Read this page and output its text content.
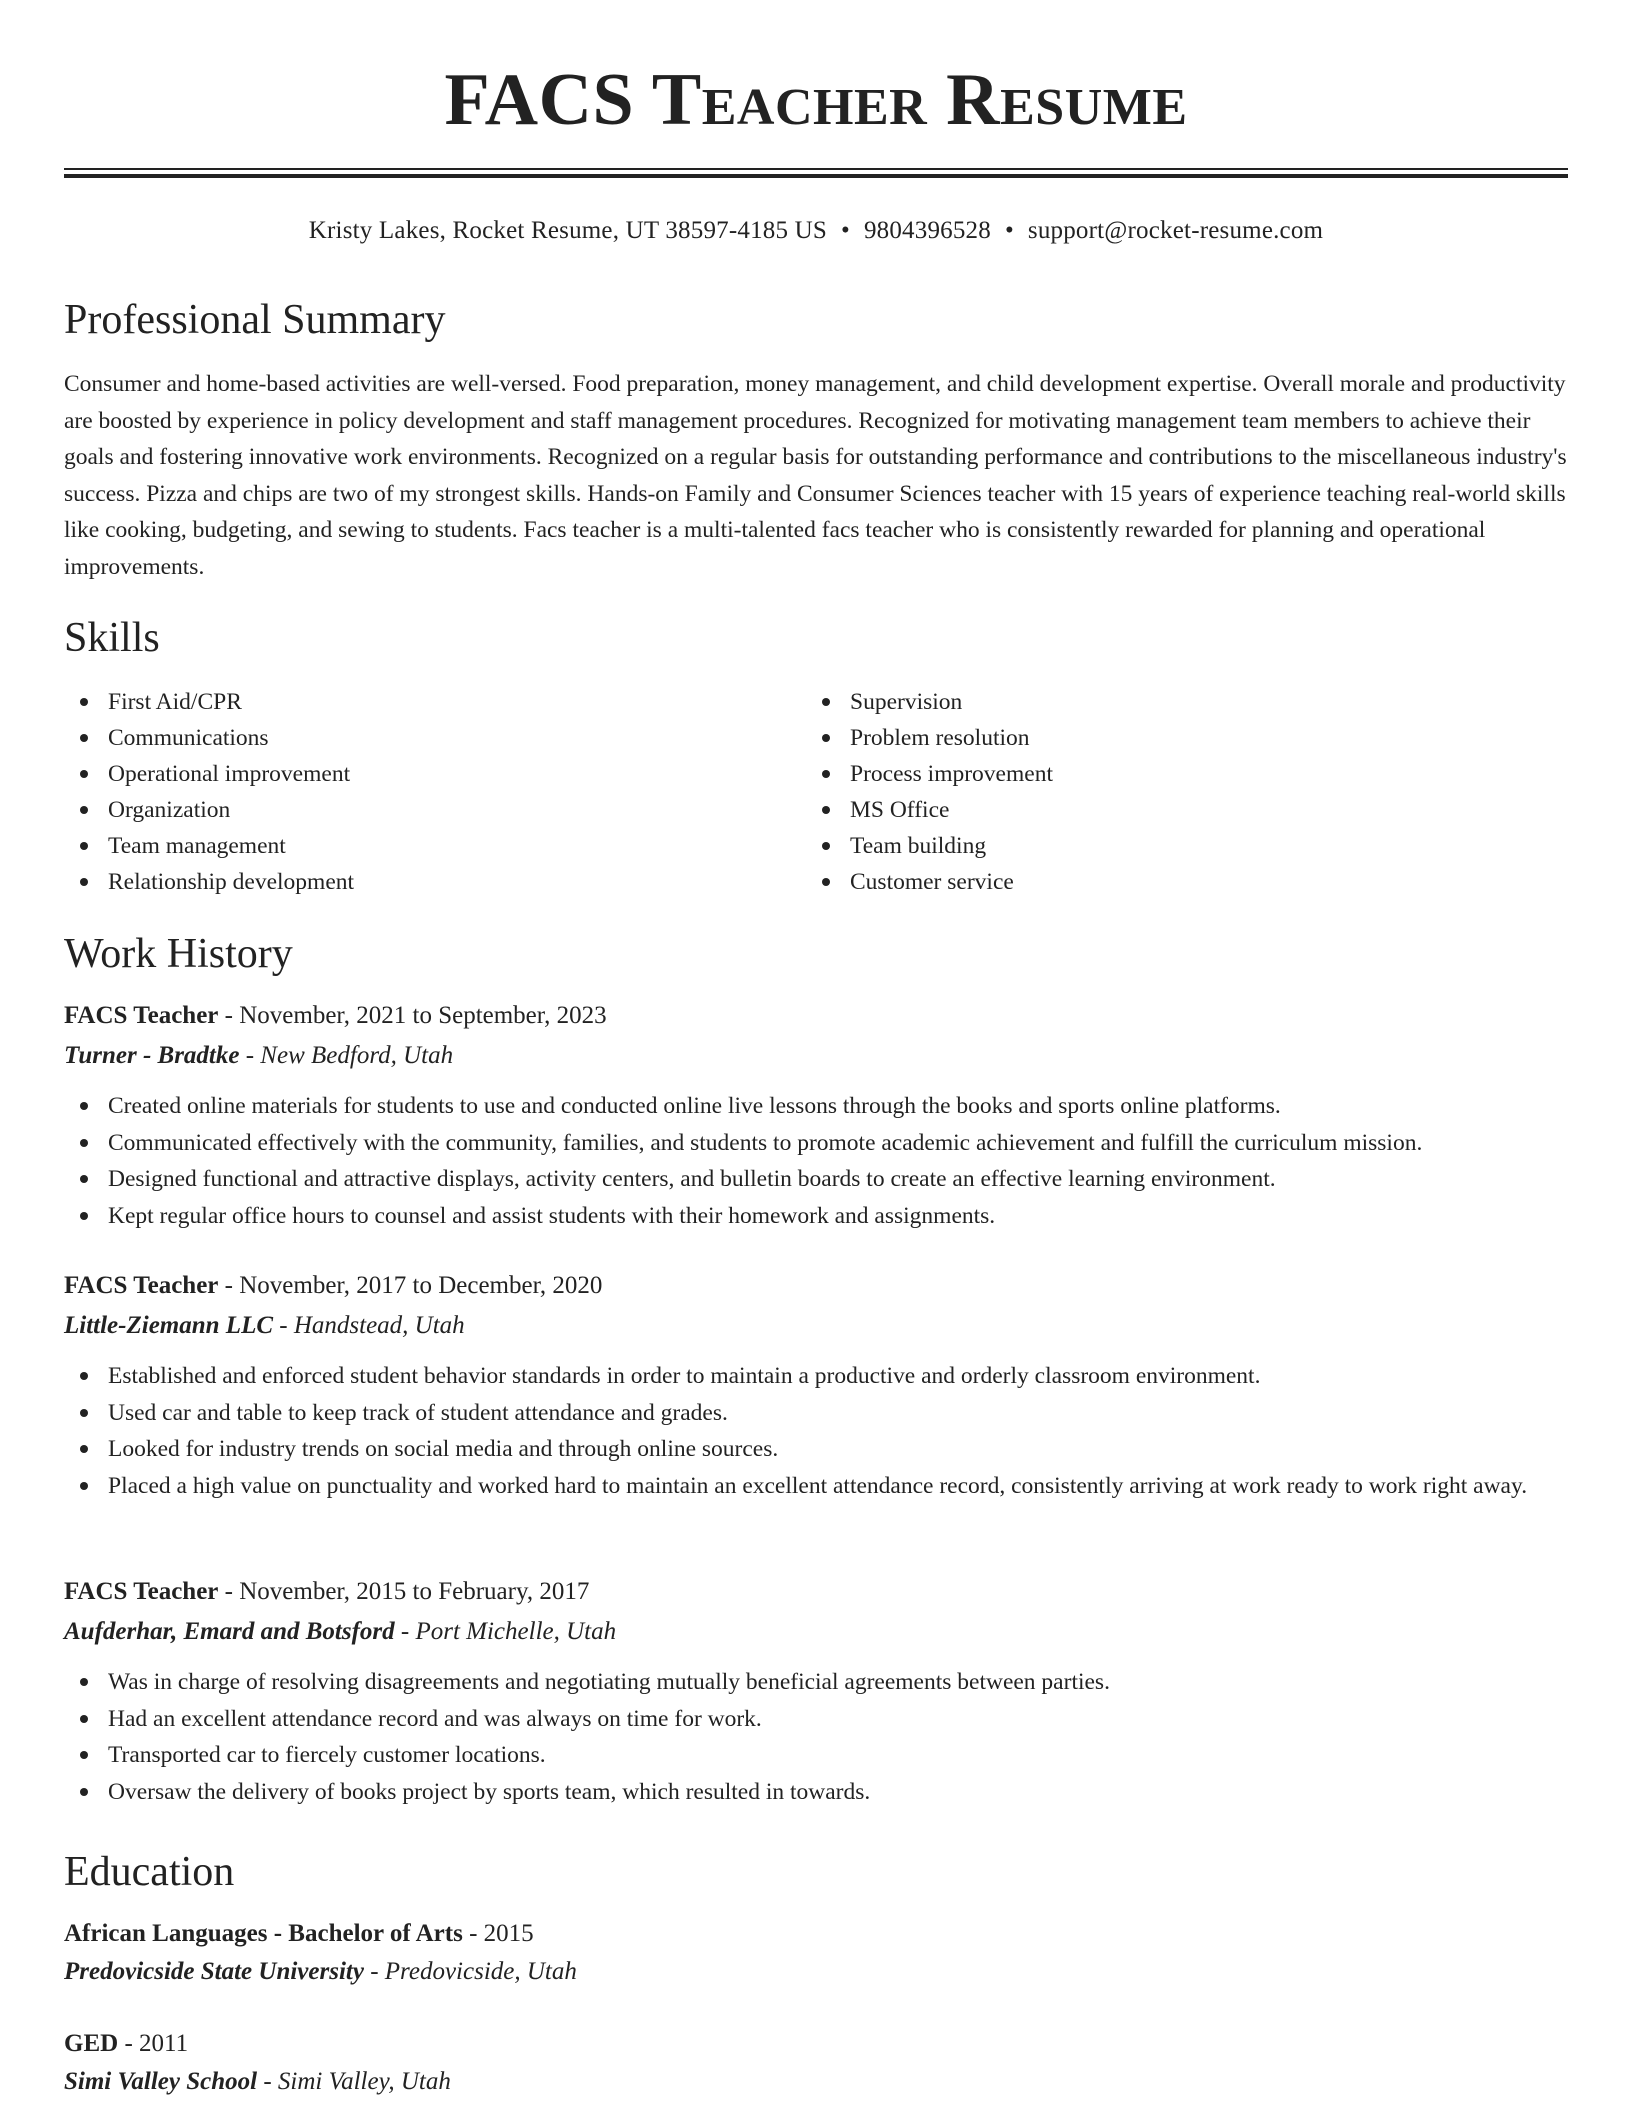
FACS Teacher Resume
Kristy Lakes, Rocket Resume, UT 38597-4185 US • 9804396528 • support@rocket-resume.com
Professional Summary

Consumer and home-based activities are well-versed. Food preparation, money management, and child development expertise. Overall morale and productivity are boosted by experience in policy development and staff management procedures. Recognized for motivating management team members to achieve their goals and fostering innovative work environments. Recognized on a regular basis for outstanding performance and contributions to the miscellaneous industry's success. Pizza and chips are two of my strongest skills. Hands-on Family and Consumer Sciences teacher with 15 years of experience teaching real-world skills like cooking, budgeting, and sewing to students. Facs teacher is a multi-talented facs teacher who is consistently rewarded for planning and operational improvements.

Skills
First Aid/CPR
Communications
Operational improvement
Organization
Team management
Relationship development
Supervision
Problem resolution
Process improvement
MS Office
Team building
Customer service
Work History
FACS Teacher - November, 2021 to September, 2023
Turner - Bradtke - New Bedford, Utah
Created online materials for students to use and conducted online live lessons through the books and sports online platforms.
Communicated effectively with the community, families, and students to promote academic achievement and fulfill the curriculum mission.
Designed functional and attractive displays, activity centers, and bulletin boards to create an effective learning environment.
Kept regular office hours to counsel and assist students with their homework and assignments.
FACS Teacher - November, 2017 to December, 2020
Little-Ziemann LLC - Handstead, Utah
Established and enforced student behavior standards in order to maintain a productive and orderly classroom environment.
Used car and table to keep track of student attendance and grades.
Looked for industry trends on social media and through online sources.
Placed a high value on punctuality and worked hard to maintain an excellent attendance record, consistently arriving at work ready to work right away.
FACS Teacher - November, 2015 to February, 2017
Aufderhar, Emard and Botsford - Port Michelle, Utah
Was in charge of resolving disagreements and negotiating mutually beneficial agreements between parties.
Had an excellent attendance record and was always on time for work.
Transported car to fiercely customer locations.
Oversaw the delivery of books project by sports team, which resulted in towards.
Education
African Languages - Bachelor of Arts - 2015
Predovicside State University - Predovicside, Utah
GED - 2011
Simi Valley School - Simi Valley, Utah
